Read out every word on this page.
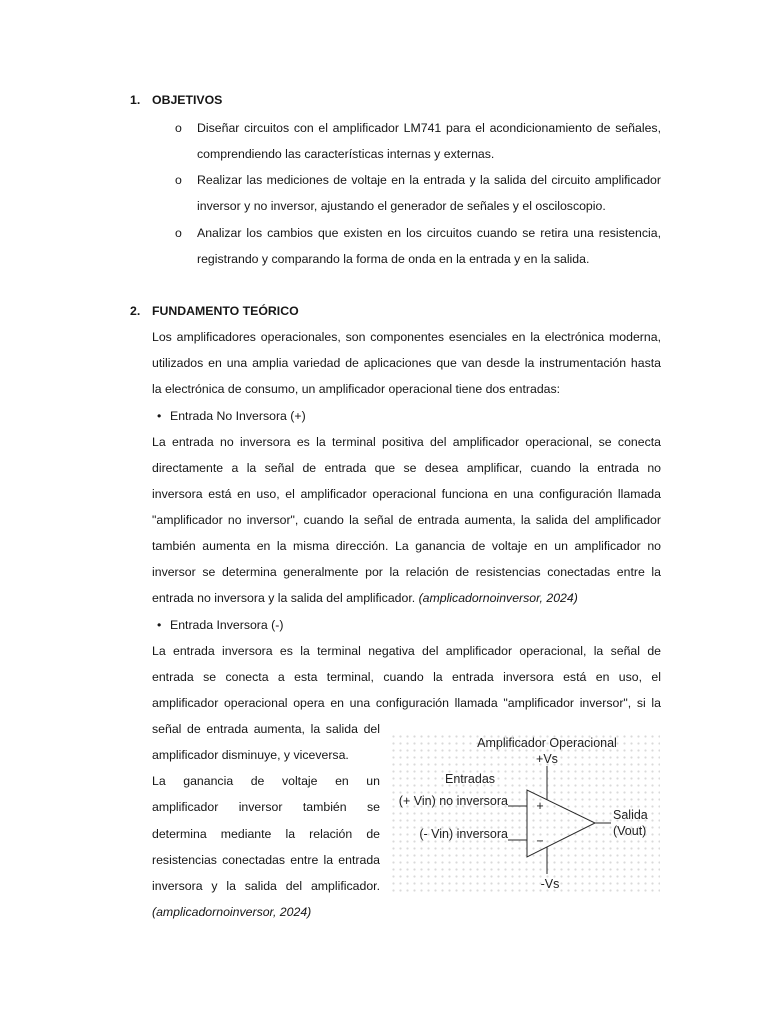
1. OBJETIVOS
o Diseñar circuitos con el amplificador LM741 para el acondicionamiento de señales,
comprendiendo las características internas y externas.
o Realizar las mediciones de voltaje en la entrada y la salida del circuito amplificador
inversor y no inversor, ajustando el generador de señales y el osciloscopio.
o Analizar los cambios que existen en los circuitos cuando se retira una resistencia,
registrando y comparando la forma de onda en la entrada y en la salida.
2. FUNDAMENTO TEÓRICO
Los amplificadores operacionales, son componentes esenciales en la electrónica moderna,
utilizados en una amplia variedad de aplicaciones que van desde la instrumentación hasta
la electrónica de consumo, un amplificador operacional tiene dos entradas:
• Entrada No Inversora (+)
La entrada no inversora es la terminal positiva del amplificador operacional, se conecta
directamente a la señal de entrada que se desea amplificar, cuando la entrada no
inversora está en uso, el amplificador operacional funciona en una configuración llamada
"amplificador no inversor", cuando la señal de entrada aumenta, la salida del amplificador
también aumenta en la misma dirección. La ganancia de voltaje en un amplificador no
inversor se determina generalmente por la relación de resistencias conectadas entre la
entrada no inversora y la salida del amplificador. (amplicadornoinversor, 2024)
• Entrada Inversora (-)
La entrada inversora es la terminal negativa del amplificador operacional, la señal de
entrada se conecta a esta terminal, cuando la entrada inversora está en uso, el
amplificador operacional opera en una configuración llamada "amplificador inversor", si la
señal de entrada aumenta, la salida del
amplificador disminuye, y viceversa.
La ganancia de voltaje en un
amplificador inversor también se
determina mediante la relación de
resistencias conectadas entre la entrada
inversora y la salida del amplificador.
(amplicadornoinversor, 2024)
Amplificador Operacional
+Vs
Entradas
(+ Vin) no inversora
(- Vin) inversora
+
−
Salida
(Vout)
-Vs
